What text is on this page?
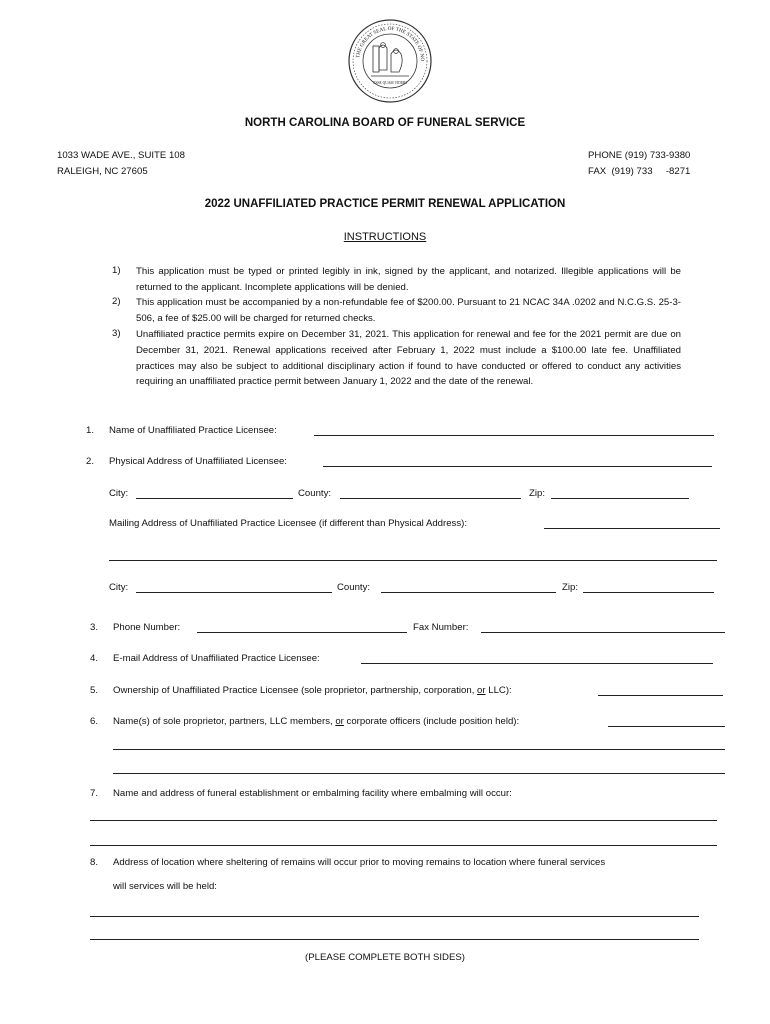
THE GREAT SEAL OF THE STATE OF NO
ESSE QUAM VIDERI
NORTH CAROLINA BOARD OF FUNERAL SERVICE
1033 WADE AVE., SUITE 108
RALEIGH, NC 27605
PHONE (919) 733-9380
FAX  (919) 733     -8271
2022 UNAFFILIATED PRACTICE PERMIT RENEWAL APPLICATION
INSTRUCTIONS
1) This application must be typed or printed legibly in ink, signed by the applicant, and notarized. Illegible applications will be returned to the applicant. Incomplete applications will be denied.
2) This application must be accompanied by a non-refundable fee of $200.00. Pursuant to 21 NCAC 34A .0202 and N.C.G.S. 25-3-506, a fee of $25.00 will be charged for returned checks.
3) Unaffiliated practice permits expire on December 31, 2021. This application for renewal and fee for the 2021 permit are due on December 31, 2021. Renewal applications received after February 1, 2022 must include a $100.00 late fee. Unaffiliated practices may also be subject to additional disciplinary action if found to have conducted or offered to conduct any activities requiring an unaffiliated practice permit between January 1, 2022 and the date of the renewal.
1. Name of Unaffiliated Practice Licensee:
2. Physical Address of Unaffiliated Licensee:
City:	County:	Zip:
Mailing Address of Unaffiliated Practice Licensee (if different than Physical Address):
City:	County:	Zip:
3. Phone Number:	Fax Number:
4. E-mail Address of Unaffiliated Practice Licensee:
5. Ownership of Unaffiliated Practice Licensee (sole proprietor, partnership, corporation, or LLC):
6. Name(s) of sole proprietor, partners, LLC members, or corporate officers (include position held):
7. Name and address of funeral establishment or embalming facility where embalming will occur:
8. Address of location where sheltering of remains will occur prior to moving remains to location where funeral services
will services will be held:
(PLEASE COMPLETE BOTH SIDES)
